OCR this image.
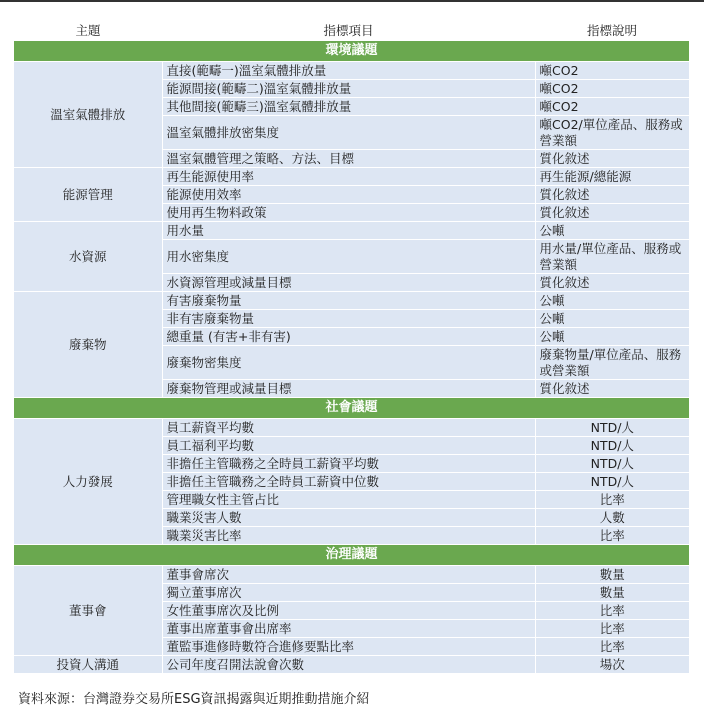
主題	指標項目	指標說明
環境議題		
溫室氣體排放	直接(範疇一)溫室氣體排放量	噸CO2
	能源間接(範疇二)溫室氣體排放量	噸CO2
	其他間接(範疇三)溫室氣體排放量	噸CO2
	溫室氣體排放密集度	噸CO2/單位產品、服務或營業額
	溫室氣體管理之策略、方法、目標	質化敘述
能源管理	再生能源使用率	再生能源/總能源
	能源使用效率	質化敘述
	使用再生物料政策	質化敘述
水資源	用水量	公噸
	用水密集度	用水量/單位產品、服務或營業額
	水資源管理或減量目標	質化敘述
廢棄物	有害廢棄物量	公噸
	非有害廢棄物量	公噸
	總重量 (有害+非有害)	公噸
	廢棄物密集度	廢棄物量/單位產品、服務或營業額
	廢棄物管理或減量目標	質化敘述
社會議題		
人力發展	員工薪資平均數	NTD/人
	員工福利平均數	NTD/人
	非擔任主管職務之全時員工薪資平均數	NTD/人
	非擔任主管職務之全時員工薪資中位數	NTD/人
	管理職女性主管占比	比率
	職業災害人數	人數
	職業災害比率	比率
治理議題		
董事會	董事會席次	數量
	獨立董事席次	數量
	女性董事席次及比例	比率
	董事出席董事會出席率	比率
	董監事進修時數符合進修要點比率	比率
投資人溝通	公司年度召開法說會次數	場次
資料來源：台灣證券交易所ESG資訊揭露與近期推動措施介紹
